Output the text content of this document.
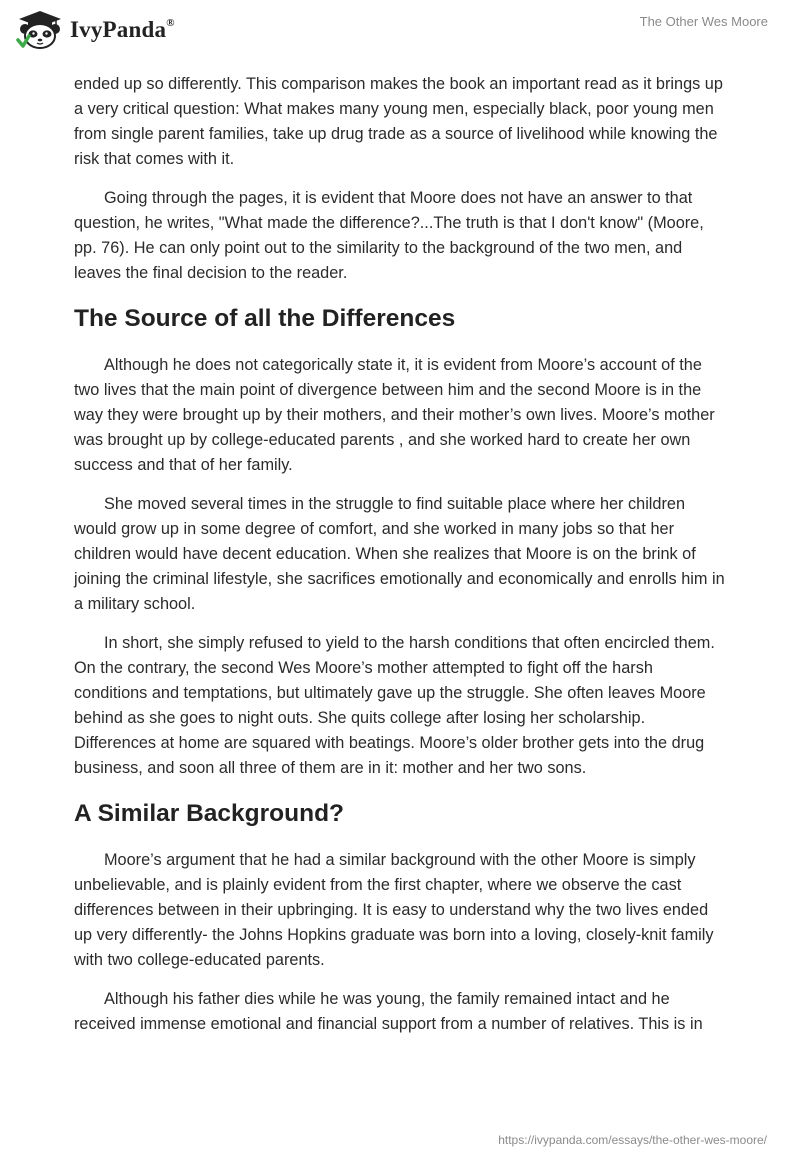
IvyPanda®	The Other Wes Moore

ended up so differently. This comparison makes the book an important read as it brings up a very critical question: What makes many young men, especially black, poor young men from single parent families, take up drug trade as a source of livelihood while knowing the risk that comes with it.

Going through the pages, it is evident that Moore does not have an answer to that question, he writes, "What made the difference?...The truth is that I don't know" (Moore, pp. 76). He can only point out to the similarity to the background of the two men, and leaves the final decision to the reader.

The Source of all the Differences

Although he does not categorically state it, it is evident from Moore’s account of the two lives that the main point of divergence between him and the second Moore is in the way they were brought up by their mothers, and their mother’s own lives. Moore’s mother was brought up by college-educated parents , and she worked hard to create her own success and that of her family.

She moved several times in the struggle to find suitable place where her children would grow up in some degree of comfort, and she worked in many jobs so that her children would have decent education. When she realizes that Moore is on the brink of joining the criminal lifestyle, she sacrifices emotionally and economically and enrolls him in a military school.

In short, she simply refused to yield to the harsh conditions that often encircled them. On the contrary, the second Wes Moore’s mother attempted to fight off the harsh conditions and temptations, but ultimately gave up the struggle. She often leaves Moore behind as she goes to night outs. She quits college after losing her scholarship. Differences at home are squared with beatings. Moore’s older brother gets into the drug business, and soon all three of them are in it: mother and her two sons.

A Similar Background?

Moore’s argument that he had a similar background with the other Moore is simply unbelievable, and is plainly evident from the first chapter, where we observe the cast differences between in their upbringing. It is easy to understand why the two lives ended up very differently- the Johns Hopkins graduate was born into a loving, closely-knit family with two college-educated parents.

Although his father dies while he was young, the family remained intact and he received immense emotional and financial support from a number of relatives. This is in

https://ivypanda.com/essays/the-other-wes-moore/
